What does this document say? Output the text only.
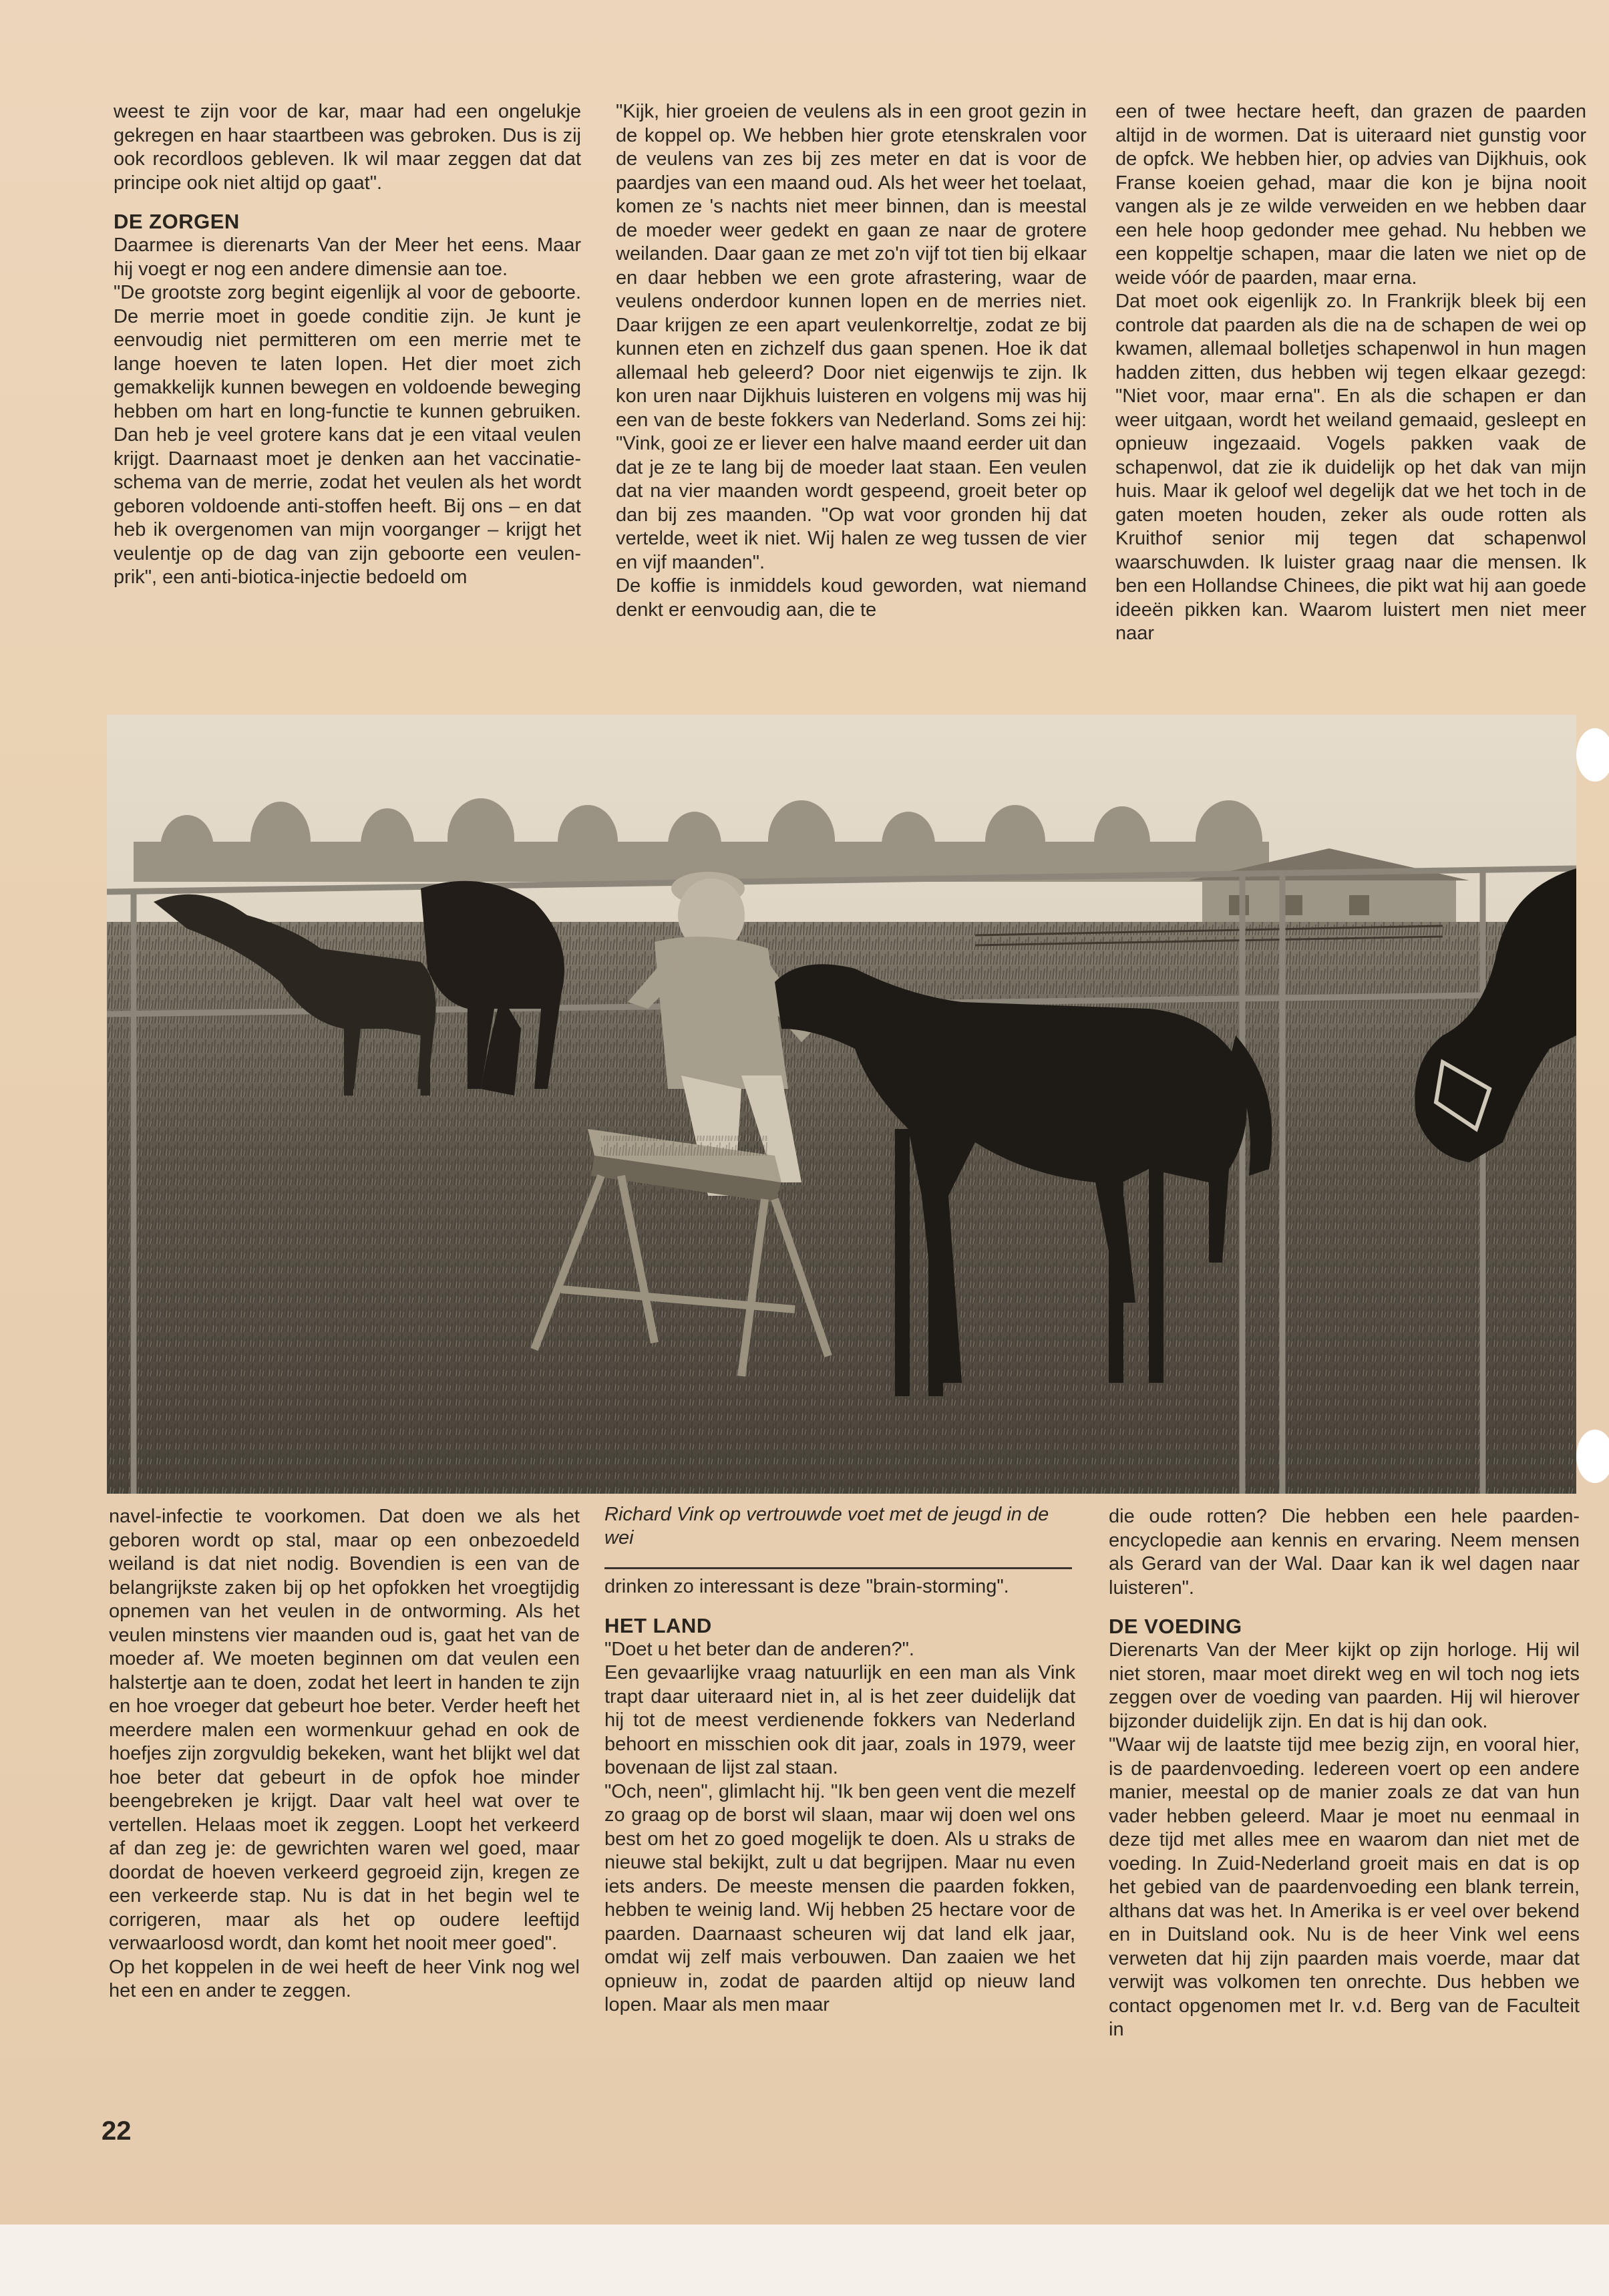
weest te zijn voor de kar, maar had een ongelukje gekregen en haar staartbeen was gebroken. Dus is zij ook recordloos gebleven. Ik wil maar zeggen dat dat principe ook niet altijd op gaat".

DE ZORGEN

Daarmee is dierenarts Van der Meer het eens. Maar hij voegt er nog een andere dimensie aan toe.

"De grootste zorg begint eigenlijk al voor de geboorte. De merrie moet in goede conditie zijn. Je kunt je eenvoudig niet permitteren om een merrie met te lange hoeven te laten lopen. Het dier moet zich gemakkelijk kunnen bewegen en voldoende beweging hebben om hart en long-functie te kunnen gebruiken. Dan heb je veel grotere kans dat je een vitaal veulen krijgt. Daarnaast moet je denken aan het vaccinatie-schema van de merrie, zodat het veulen als het wordt geboren voldoende anti-stoffen heeft. Bij ons – en dat heb ik overgenomen van mijn voorganger – krijgt het veulentje op de dag van zijn geboorte een veulen-prik", een anti-biotica-injectie bedoeld om

"Kijk, hier groeien de veulens als in een groot gezin in de koppel op. We hebben hier grote etenskralen voor de veulens van zes bij zes meter en dat is voor de paardjes van een maand oud. Als het weer het toelaat, komen ze 's nachts niet meer binnen, dan is meestal de moeder weer gedekt en gaan ze naar de grotere weilanden. Daar gaan ze met zo'n vijf tot tien bij elkaar en daar hebben we een grote afrastering, waar de veulens onderdoor kunnen lopen en de merries niet. Daar krijgen ze een apart veulenkorreltje, zodat ze bij kunnen eten en zichzelf dus gaan spenen. Hoe ik dat allemaal heb geleerd? Door niet eigenwijs te zijn. Ik kon uren naar Dijkhuis luisteren en volgens mij was hij een van de beste fokkers van Nederland. Soms zei hij: "Vink, gooi ze er liever een halve maand eerder uit dan dat je ze te lang bij de moeder laat staan. Een veulen dat na vier maanden wordt gespeend, groeit beter op dan bij zes maanden. "Op wat voor gronden hij dat vertelde, weet ik niet. Wij halen ze weg tussen de vier en vijf maanden".

De koffie is inmiddels koud geworden, wat niemand denkt er eenvoudig aan, die te

een of twee hectare heeft, dan grazen de paarden altijd in de wormen. Dat is uiteraard niet gunstig voor de opfck. We hebben hier, op advies van Dijkhuis, ook Franse koeien gehad, maar die kon je bijna nooit vangen als je ze wilde verweiden en we hebben daar een hele hoop gedonder mee gehad. Nu hebben we een koppeltje schapen, maar die laten we niet op de weide vóór de paarden, maar erna.

Dat moet ook eigenlijk zo. In Frankrijk bleek bij een controle dat paarden als die na de schapen de wei op kwamen, allemaal bolletjes schapenwol in hun magen hadden zitten, dus hebben wij tegen elkaar gezegd: "Niet voor, maar erna". En als die schapen er dan weer uitgaan, wordt het weiland gemaaid, gesleept en opnieuw ingezaaid. Vogels pakken vaak de schapenwol, dat zie ik duidelijk op het dak van mijn huis. Maar ik geloof wel degelijk dat we het toch in de gaten moeten houden, zeker als oude rotten als Kruithof senior mij tegen dat schapenwol waarschuwden. Ik luister graag naar die mensen. Ik ben een Hollandse Chinees, die pikt wat hij aan goede ideeën pikken kan. Waarom luistert men niet meer naar

Richard Vink op vertrouwde voet met de jeugd in de wei

navel-infectie te voorkomen. Dat doen we als het geboren wordt op stal, maar op een onbezoedeld weiland is dat niet nodig. Bovendien is een van de belangrijkste zaken bij op het opfokken het vroegtijdig opnemen van het veulen in de ontworming. Als het veulen minstens vier maanden oud is, gaat het van de moeder af. We moeten beginnen om dat veulen een halstertje aan te doen, zodat het leert in handen te zijn en hoe vroeger dat gebeurt hoe beter. Verder heeft het meerdere malen een wormenkuur gehad en ook de hoefjes zijn zorgvuldig bekeken, want het blijkt wel dat hoe beter dat gebeurt in de opfok hoe minder beengebreken je krijgt. Daar valt heel wat over te vertellen. Helaas moet ik zeggen. Loopt het verkeerd af dan zeg je: de gewrichten waren wel goed, maar doordat de hoeven verkeerd gegroeid zijn, kregen ze een verkeerde stap. Nu is dat in het begin wel te corrigeren, maar als het op oudere leeftijd verwaarloosd wordt, dan komt het nooit meer goed".

Op het koppelen in de wei heeft de heer Vink nog wel het een en ander te zeggen.

drinken zo interessant is deze "brain-storming".

HET LAND

"Doet u het beter dan de anderen?".

Een gevaarlijke vraag natuurlijk en een man als Vink trapt daar uiteraard niet in, al is het zeer duidelijk dat hij tot de meest verdienende fokkers van Nederland behoort en misschien ook dit jaar, zoals in 1979, weer bovenaan de lijst zal staan.

"Och, neen", glimlacht hij. "Ik ben geen vent die mezelf zo graag op de borst wil slaan, maar wij doen wel ons best om het zo goed mogelijk te doen. Als u straks de nieuwe stal bekijkt, zult u dat begrijpen. Maar nu even iets anders. De meeste mensen die paarden fokken, hebben te weinig land. Wij hebben 25 hectare voor de paarden. Daarnaast scheuren wij dat land elk jaar, omdat wij zelf mais verbouwen. Dan zaaien we het opnieuw in, zodat de paarden altijd op nieuw land lopen. Maar als men maar

die oude rotten? Die hebben een hele paarden-encyclopedie aan kennis en ervaring. Neem mensen als Gerard van der Wal. Daar kan ik wel dagen naar luisteren".

DE VOEDING

Dierenarts Van der Meer kijkt op zijn horloge. Hij wil niet storen, maar moet direkt weg en wil toch nog iets zeggen over de voeding van paarden. Hij wil hierover bijzonder duidelijk zijn. En dat is hij dan ook.

"Waar wij de laatste tijd mee bezig zijn, en vooral hier, is de paardenvoeding. Iedereen voert op een andere manier, meestal op de manier zoals ze dat van hun vader hebben geleerd. Maar je moet nu eenmaal in deze tijd met alles mee en waarom dan niet met de voeding. In Zuid-Nederland groeit mais en dat is op het gebied van de paardenvoeding een blank terrein, althans dat was het. In Amerika is er veel over bekend en in Duitsland ook. Nu is de heer Vink wel eens verweten dat hij zijn paarden mais voerde, maar dat verwijt was volkomen ten onrechte. Dus hebben we contact opgenomen met Ir. v.d. Berg van de Faculteit in

22
